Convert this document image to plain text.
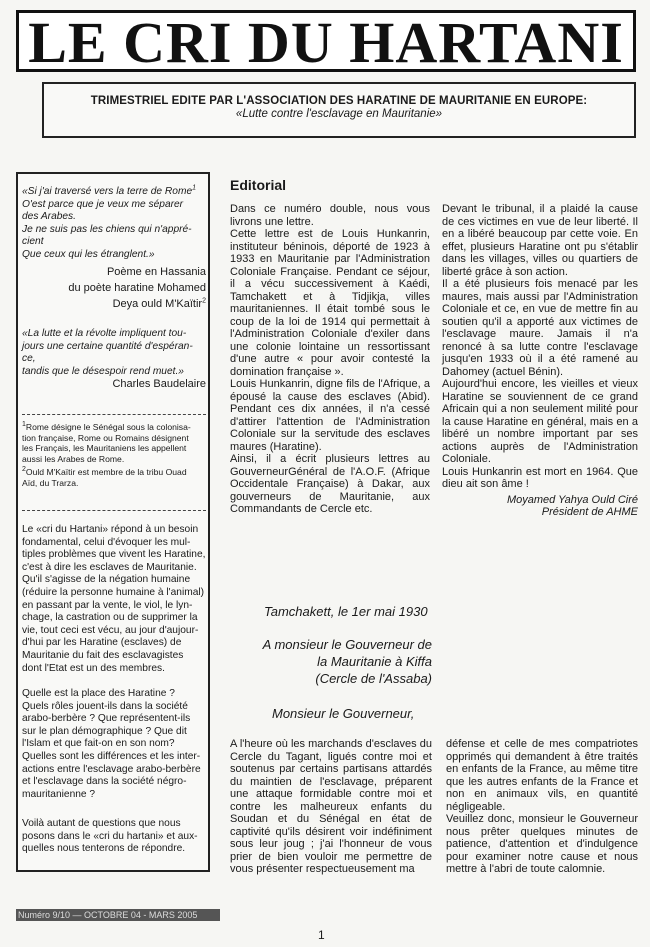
LE CRI DU HARTANI
TRIMESTRIEL EDITE PAR L'ASSOCIATION DES HARATINE DE MAURITANIE EN EUROPE:
«Lutte contre l'esclavage en Mauritanie»
«Si j'ai traversé vers la terre de Rome$^1$
O'est parce que je veux me séparer
des Arabes.
Je ne suis pas les chiens qui n'appré-
cient
Que ceux qui les étranglent.»
Poème en Hassania
du poète haratine Mohamed
Deya ould M'Kaïtir$^2$
«La lutte et la révolte impliquent tou-
jours une certaine quantité d'espéran-
ce,
tandis que le désespoir rend muet.»
Charles Baudelaire
$^1$Rome désigne le Sénégal sous la colonisa-
tion française, Rome ou Romains désignent
les Français, les Mauritaniens les appellent
aussi les Arabes de Rome.
$^2$Ould M'Kaïtir est membre de la tribu Ouad
Aïd, du Trarza.
Le «cri du Hartani» répond à un besoin
fondamental, celui d'évoquer les mul-
tiples problèmes que vivent les Haratine,
c'est à dire les esclaves de Mauritanie.
Qu'il s'agisse de la négation humaine
(réduire la personne humaine à l'animal)
en passant par la vente, le viol, le lyn-
chage, la castration ou de supprimer la
vie, tout ceci est vécu, au jour d'aujour-
d'hui par les Haratine (esclaves) de
Mauritanie du fait des esclavagistes
dont l'Etat est un des membres.
Quelle est la place des Haratine ?
Quels rôles jouent-ils dans la société
arabo-berbère ? Que représentent-ils
sur le plan démographique ? Que dit
l'Islam et que fait-on en son nom?
Quelles sont les différences et les inter-
actions entre l'esclavage arabo-berbère
et l'esclavage dans la société négro-
mauritanienne ?
Voilà autant de questions que nous
posons dans le «cri du hartani» et aux-
quelles nous tenterons de répondre.
Numéro 9/10 — OCTOBRE 04 - MARS 2005
Editorial

Dans ce numéro double, nous vous livrons une lettre.

Cette lettre est de Louis Hunkanrin, instituteur béninois, déporté de 1923 à 1933 en Mauritanie par l'Administration Coloniale Française. Pendant ce séjour, il a vécu successivement à Kaédi, Tamchakett et à Tidjikja, villes mauritaniennes. Il était tombé sous le coup de la loi de 1914 qui permettait à l'Administration Coloniale d'exiler dans une colonie lointaine un ressortissant d'une autre « pour avoir contesté la domination française ».

Louis Hunkanrin, digne fils de l'Afrique, a épousé la cause des esclaves (Abid). Pendant ces dix années, il n'a cessé d'attirer l'attention de l'Administration Coloniale sur la servitude des esclaves maures (Haratine).

Ainsi, il a écrit plusieurs lettres au GouverneurGénéral de l'A.O.F. (Afrique Occidentale Française) à Dakar, aux gouverneurs de Mauritanie, aux Commandants de Cercle etc.

Devant le tribunal, il a plaidé la cause de ces victimes en vue de leur liberté. Il en a libéré beaucoup par cette voie. En effet, plusieurs Haratine ont pu s'établir dans les villages, villes ou quartiers de liberté grâce à son action.

Il a été plusieurs fois menacé par les maures, mais aussi par l'Administration Coloniale et ce, en vue de mettre fin au soutien qu'il a apporté aux victimes de l'esclavage maure. Jamais il n'a renoncé à sa lutte contre l'esclavage jusqu'en 1933 où il a été ramené au Dahomey (actuel Bénin).

Aujourd'hui encore, les vieilles et vieux Haratine se souviennent de ce grand Africain qui a non seulement milité pour la cause Haratine en général, mais en a libéré un nombre important par ses actions auprès de l'Administration Coloniale.

Louis Hunkanrin est mort en 1964. Que dieu ait son âme !

Moyamed Yahya Ould Ciré
Président de AHME
Tamchakett, le 1er mai 1930
A monsieur le Gouverneur de
la Mauritanie à Kiffa
(Cercle de l'Assaba)
Monsieur le Gouverneur,

A l'heure où les marchands d'esclaves du Cercle du Tagant, ligués contre moi et soutenus par certains partisans attardés du maintien de l'esclavage, préparent une attaque formidable contre moi et contre les malheureux enfants du Soudan et du Sénégal en état de captivité qu'ils désirent voir indéfiniment sous leur joug ; j'ai l'honneur de vous prier de bien vouloir me permettre de vous présenter respectueusement ma

défense et celle de mes compatriotes opprimés qui demandent à être traités en enfants de la France, au même titre que les autres enfants de la France et non en animaux vils, en quantité négligeable.

Veuillez donc, monsieur le Gouverneur nous prêter quelques minutes de patience, d'attention et d'indulgence pour examiner notre cause et nous mettre à l'abri de toute calomnie.

1
